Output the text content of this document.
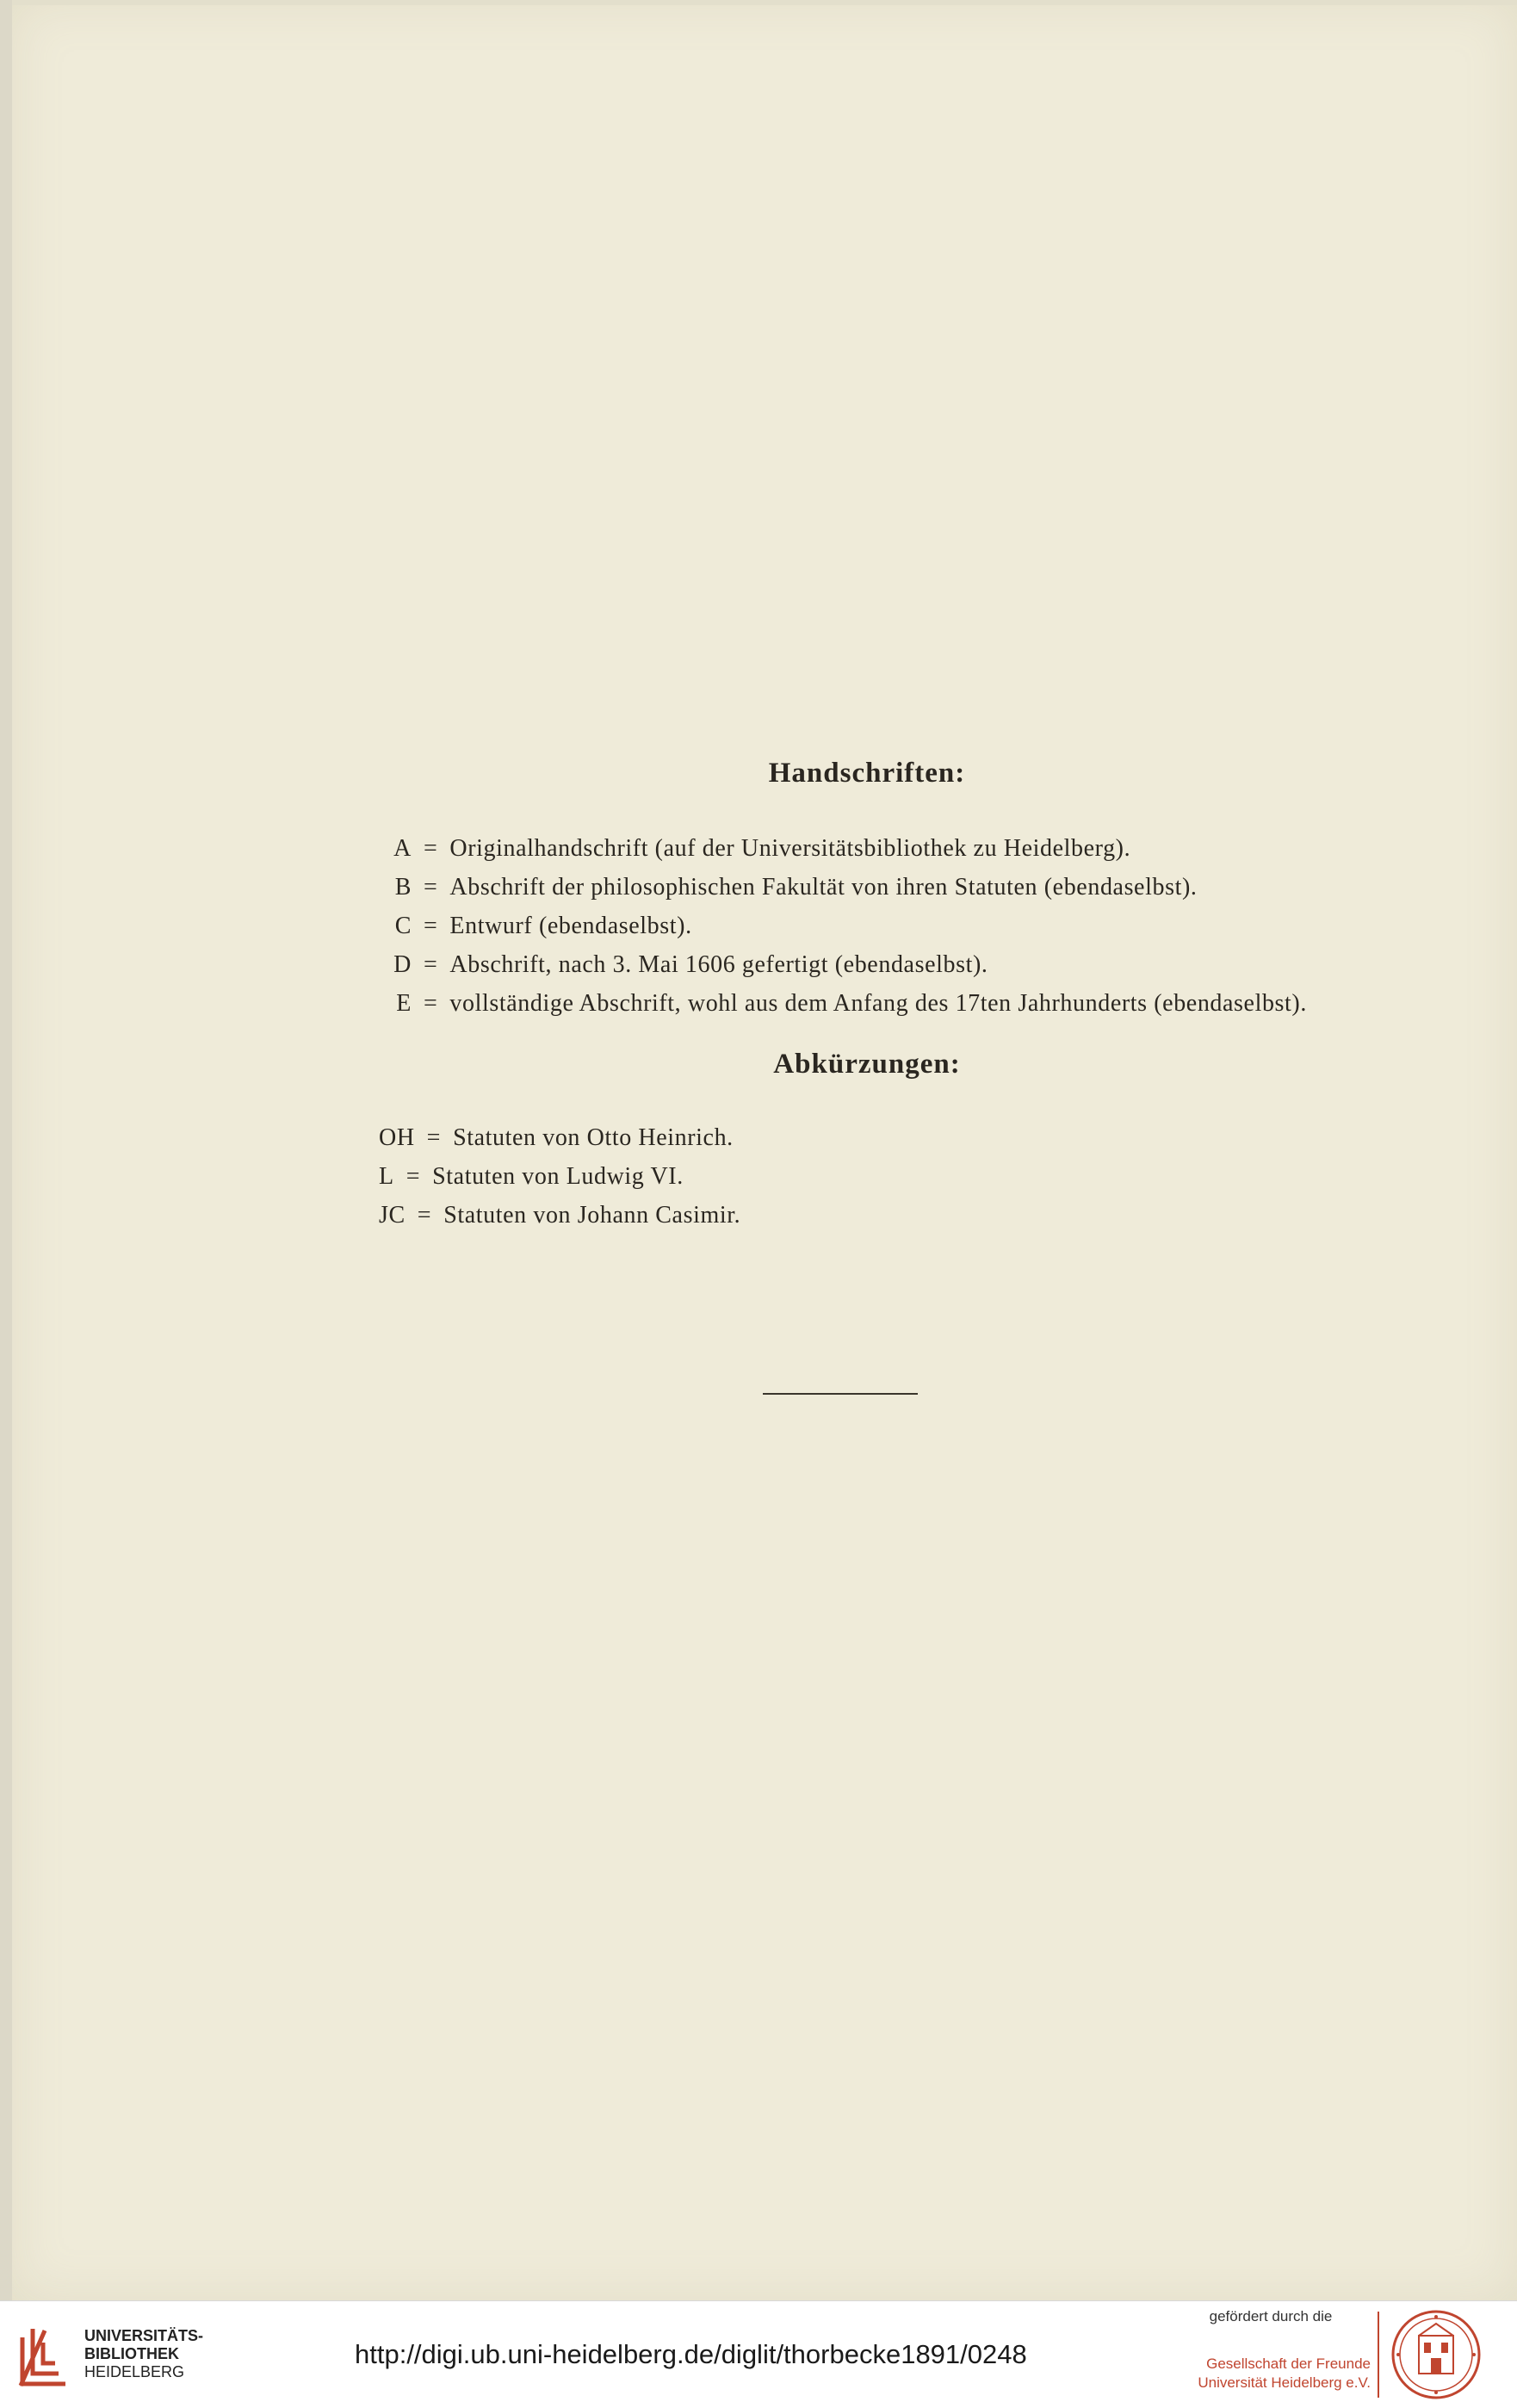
Handschriften:
A = Originalhandschrift (auf der Universitätsbibliothek zu Heidelberg).
B = Abschrift der philosophischen Fakultät von ihren Statuten (ebendaselbst).
C = Entwurf (ebendaselbst).
D = Abschrift, nach 3. Mai 1606 gefertigt (ebendaselbst).
E = vollständige Abschrift, wohl aus dem Anfang des 17ten Jahrhunderts (ebendaselbst).
Abkürzungen:
OH = Statuten von Otto Heinrich.
L = Statuten von Ludwig VI.
JC = Statuten von Johann Casimir.
UNIVERSITÄTS-
BIBLIOTHEK
HEIDELBERG
http://digi.ub.uni-heidelberg.de/diglit/thorbecke1891/0248
gefördert durch die
Gesellschaft der Freunde
Universität Heidelberg e.V.
